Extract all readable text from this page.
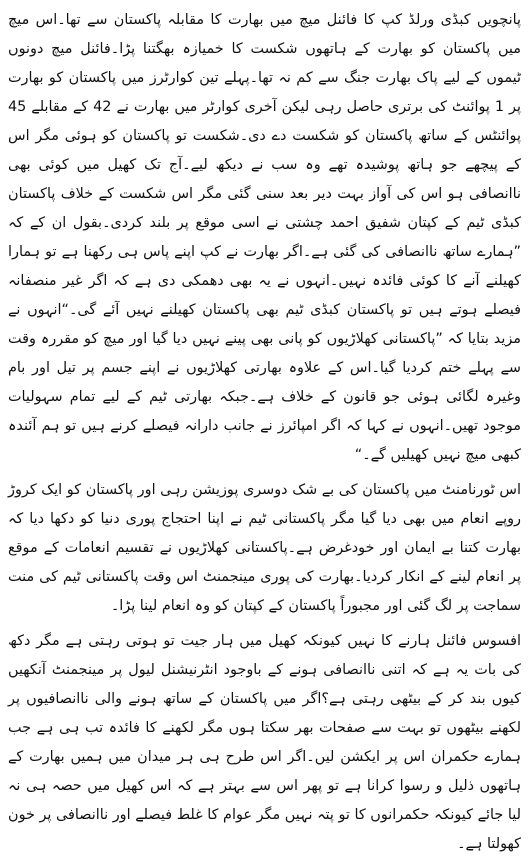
پانچویں کبڈی ورلڈ کپ کا فائنل میچ میں بھارت کا مقابلہ پاکستان سے تھا۔اس میچ میں پاکستان کو بھارت کے ہاتھوں شکست کا خمیازہ بھگتنا پڑا۔فائنل میچ دونوں ٹیموں کے لیے پاک بھارت جنگ سے کم نہ تھا۔پہلے تین کوارٹرز میں پاکستان کو بھارت پر 1 پوائنٹ کی برتری حاصل رہی لیکن آخری کوارٹر میں بھارت نے 42 کے مقابلے 45 پوائنٹس کے ساتھ پاکستان کو شکست دے دی۔شکست تو پاکستان کو ہوئی مگر اس کے پیچھے جو ہاتھ پوشیدہ تھے وہ سب نے دیکھ لیے۔آج تک کھیل میں کوئی بھی ناانصافی ہو اس کی آواز بہت دیر بعد سنی گئی مگر اس شکست کے خلاف پاکستان کبڈی ٹیم کے کپتان شفیق احمد چشتی نے اسی موقع پر بلند کردی۔بقول ان کے کہ ”ہمارے ساتھ ناانصافی کی گئی ہے۔اگر بھارت نے کپ اپنے پاس ہی رکھنا ہے تو ہمارا کھیلنے آنے کا کوئی فائدہ نہیں۔انہوں نے یہ بھی دھمکی دی ہے کہ اگر غیر منصفانہ فیصلے ہوتے ہیں تو پاکستان کبڈی ٹیم بھی پاکستان کھیلنے نہیں آئے گی۔“انہوں نے مزید بتایا کہ ”پاکستانی کھلاڑیوں کو پانی بھی پینے نہیں دیا گیا اور میچ کو مقررہ وقت سے پہلے ختم کردیا گیا۔اس کے علاوہ بھارتی کھلاڑیوں نے اپنے جسم پر تیل اور بام وغیرہ لگائی ہوئی جو قانون کے خلاف ہے۔جبکہ بھارتی ٹیم کے لیے تمام سہولیات موجود تھیں۔انہوں نے کہا کہ اگر امپائرز نے جانب دارانہ فیصلے کرنے ہیں تو ہم آئندہ کبھی میچ نہیں کھیلیں گے۔“

اس ٹورنامنٹ میں پاکستان کی بے شک دوسری پوزیشن رہی اور پاکستان کو ایک کروڑ روپے انعام میں بھی دیا گیا مگر پاکستانی ٹیم نے اپنا احتجاج پوری دنیا کو دکھا دیا کہ بھارت کتنا بے ایمان اور خودغرض ہے۔پاکستانی کھلاڑیوں نے تقسیم انعامات کے موقع پر انعام لینے کے انکار کردیا۔بھارت کی پوری مینجمنٹ اس وقت پاکستانی ٹیم کی منت سماجت پر لگ گئی اور مجبوراً پاکستان کے کپتان کو وہ انعام لینا پڑا۔

افسوس فائنل ہارنے کا نہیں کیونکہ کھیل میں ہار جیت تو ہوتی رہتی ہے مگر دکھ کی بات یہ ہے کہ اتنی ناانصافی ہونے کے باوجود انٹرنیشنل لیول پر مینجمنٹ آنکھیں کیوں بند کر کے بیٹھی رہتی ہے؟اگر میں پاکستان کے ساتھ ہونے والی ناانصافیوں پر لکھنے بیٹھوں تو بہت سے صفحات بھر سکتا ہوں مگر لکھنے کا فائدہ تب ہی ہے جب ہمارے حکمران اس پر ایکشن لیں۔اگر اس طرح ہی ہر میدان میں ہمیں بھارت کے ہاتھوں ذلیل و رسوا کرانا ہے تو پھر اس سے بہتر ہے کہ اس کھیل میں حصہ ہی نہ لیا جائے کیونکہ حکمرانوں کا تو پتہ نہیں مگر عوام کا غلط فیصلے اور ناانصافی پر خون کھولتا ہے۔
